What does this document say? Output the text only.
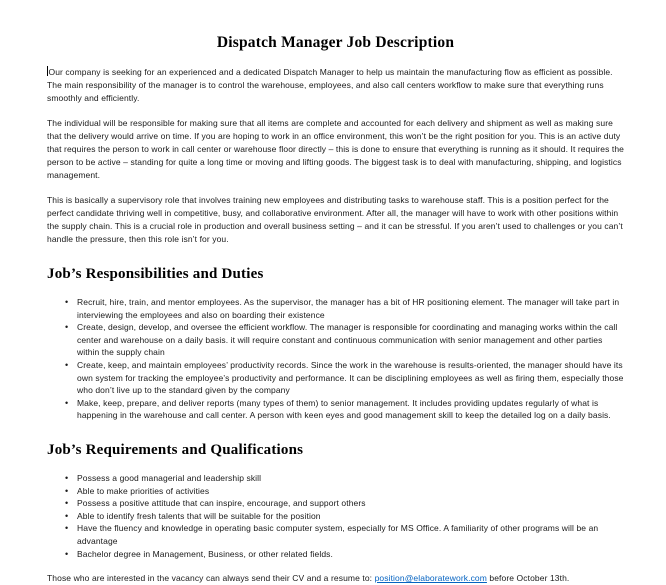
Dispatch Manager Job Description

Our company is seeking for an experienced and a dedicated Dispatch Manager to help us maintain the manufacturing flow as efficient as possible. The main responsibility of the manager is to control the warehouse, employees, and also call centers workflow to make sure that everything runs smoothly and efficiently.

The individual will be responsible for making sure that all items are complete and accounted for each delivery and shipment as well as making sure that the delivery would arrive on time. If you are hoping to work in an office environment, this won’t be the right position for you. This is an active duty that requires the person to work in call center or warehouse floor directly – this is done to ensure that everything is running as it should. It requires the person to be active – standing for quite a long time or moving and lifting goods. The biggest task is to deal with manufacturing, shipping, and logistics management.

This is basically a supervisory role that involves training new employees and distributing tasks to warehouse staff. This is a position perfect for the perfect candidate thriving well in competitive, busy, and collaborative environment. After all, the manager will have to work with other positions within the supply chain. This is a crucial role in production and overall business setting – and it can be stressful. If you aren’t used to challenges or you can’t handle the pressure, then this role isn’t for you.

Job’s Responsibilities and Duties
• Recruit, hire, train, and mentor employees. As the supervisor, the manager has a bit of HR positioning element. The manager will take part in interviewing the employees and also on boarding their existence
• Create, design, develop, and oversee the efficient workflow. The manager is responsible for coordinating and managing works within the call center and warehouse on a daily basis. it will require constant and continuous communication with senior management and other parties within the supply chain
• Create, keep, and maintain employees’ productivity records. Since the work in the warehouse is results-oriented, the manager should have its own system for tracking the employee’s productivity and performance. It can be disciplining employees as well as firing them, especially those who don’t live up to the standard given by the company
• Make, keep, prepare, and deliver reports (many types of them) to senior management. It includes providing updates regularly of what is happening in the warehouse and call center. A person with keen eyes and good management skill to keep the detailed log on a daily basis.
Job’s Requirements and Qualifications
• Possess a good managerial and leadership skill
• Able to make priorities of activities
• Possess a positive attitude that can inspire, encourage, and support others
• Able to identify fresh talents that will be suitable for the position
• Have the fluency and knowledge in operating basic computer system, especially for MS Office. A familiarity of other programs will be an advantage
• Bachelor degree in Management, Business, or other related fields.

Those who are interested in the vacancy can always send their CV and a resume to: position@elaboratework.com before October 13th.
